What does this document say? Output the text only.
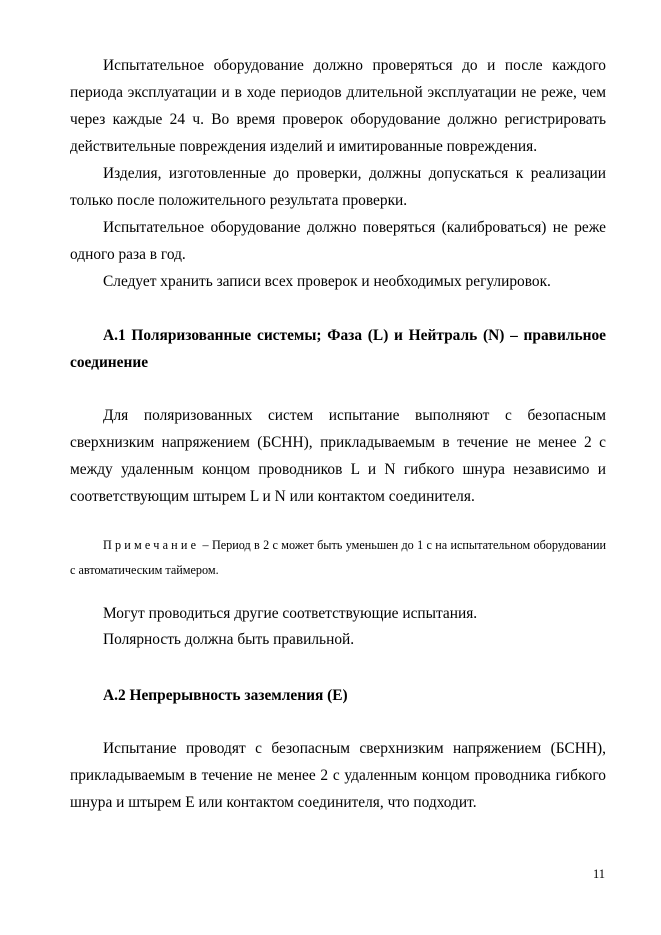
Испытательное оборудование должно проверяться до и после каждого периода эксплуатации и в ходе периодов длительной эксплуатации не реже, чем через каждые 24 ч. Во время проверок оборудование должно регистрировать действительные повреждения изделий и имитированные повреждения.

Изделия, изготовленные до проверки, должны допускаться к реализации только после положительного результата проверки.

Испытательное оборудование должно поверяться (калиброваться) не реже одного раза в год.

Следует хранить записи всех проверок и необходимых регулировок.

A.1 Поляризованные системы; Фаза (L) и Нейтраль (N) – правильное соединение

Для поляризованных систем испытание выполняют с безопасным сверхнизким напряжением (БСНН), прикладываемым в течение не менее 2 с между удаленным концом проводников L и N гибкого шнура независимо и соответствующим штырем L и N или контактом соединителя.

Примечание – Период в 2 с может быть уменьшен до 1 с на испытательном оборудовании с автоматическим таймером.

Могут проводиться другие соответствующие испытания.

Полярность должна быть правильной.

A.2 Непрерывность заземления (E)

Испытание проводят с безопасным сверхнизким напряжением (БСНН), прикладываемым в течение не менее 2 с удаленным концом проводника гибкого шнура и штырем Е или контактом соединителя, что подходит.

11
